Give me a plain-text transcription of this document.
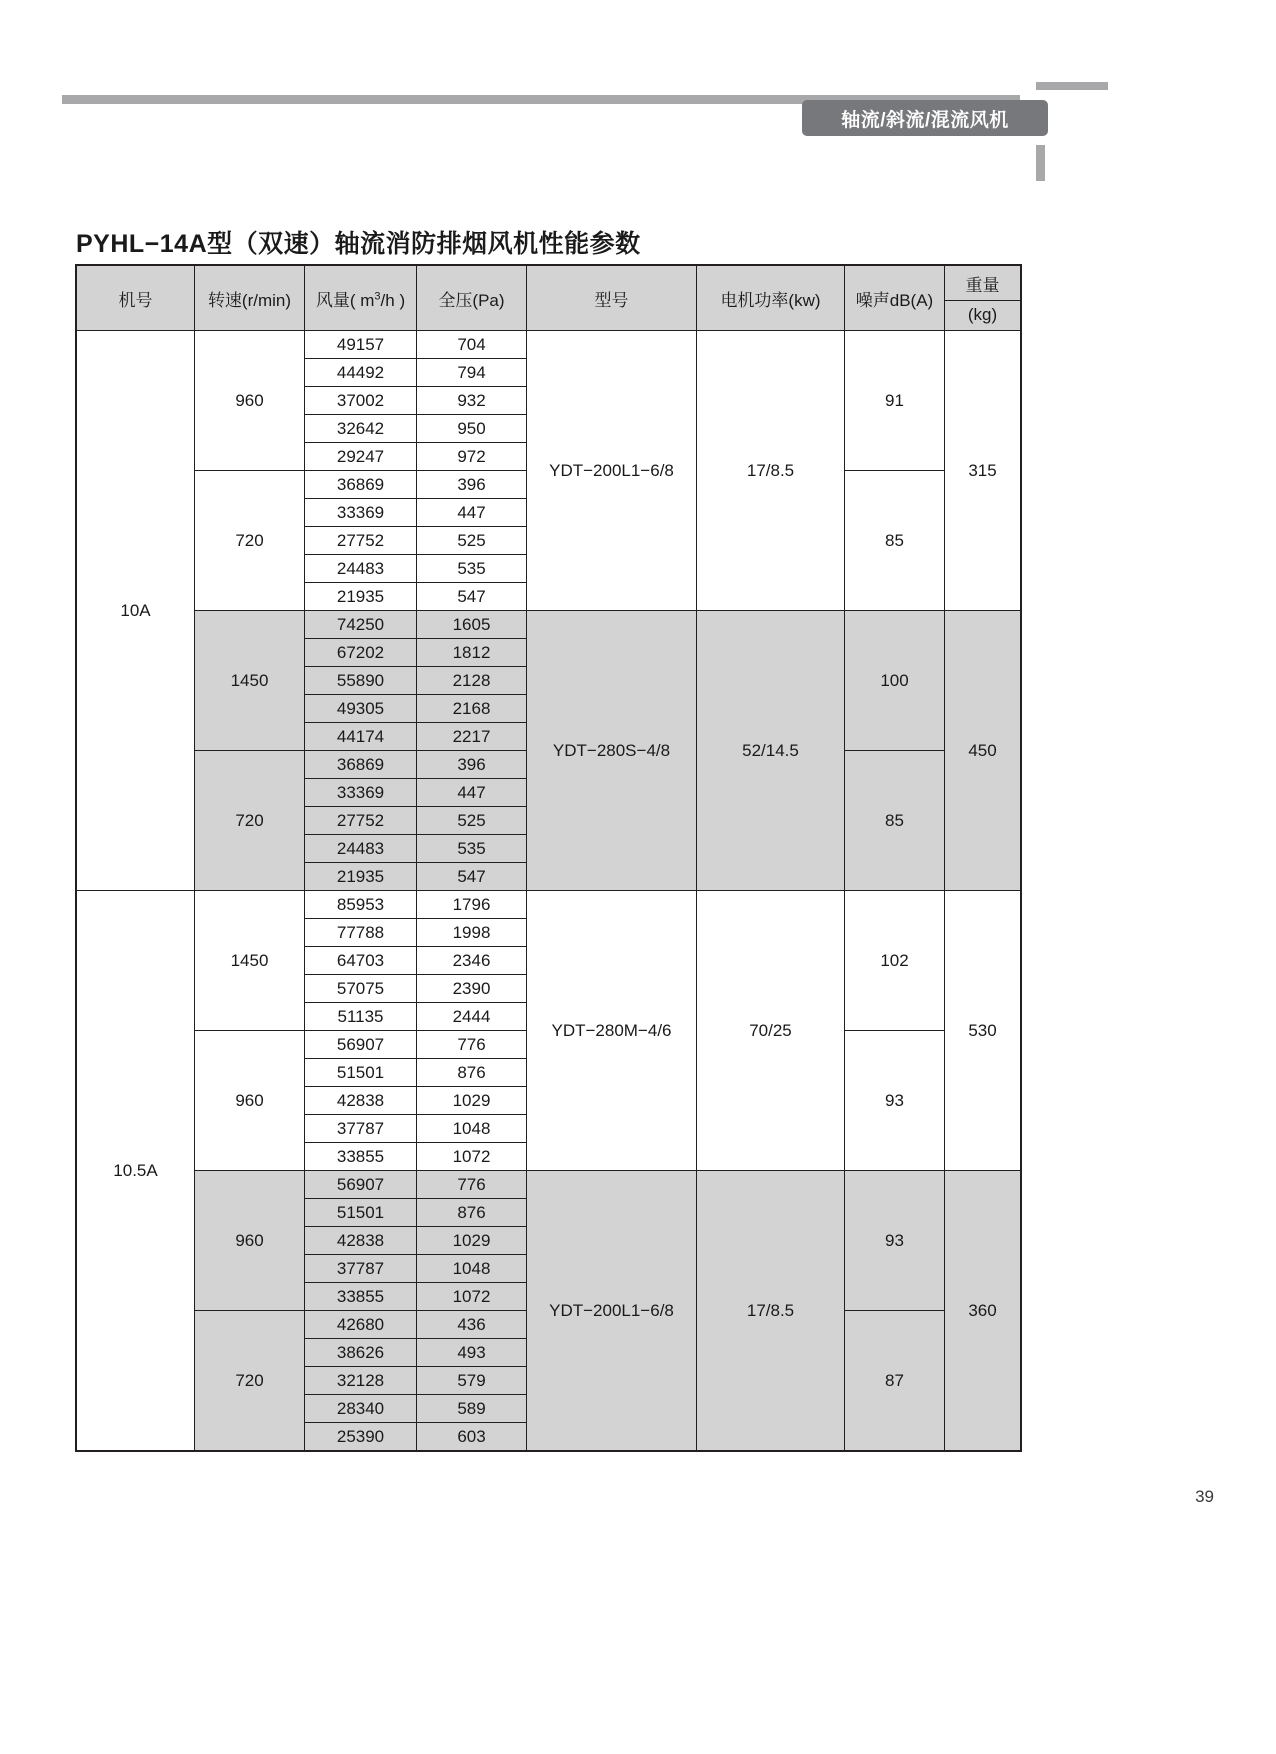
轴流/斜流/混流风机
PYHL−14A型（双速）轴流消防排烟风机性能参数
机号	转速(r/min)	风量( $m^3/h$ )	全压(Pa)	型号	电机功率(kw)	噪声dB(A)	重量
(kg)

10A	960	49157	704	YDT−200L1−6/8	17/8.5	91	315
		44492	794				
		37002	932				
		32642	950				
		29247	972				
	720	36869	396			85	
		33369	447				
		27752	525				
		24483	535				
		21935	547				
	1450	74250	1605	YDT−280S−4/8	52/14.5	100	450
		67202	1812				
		55890	2128				
		49305	2168				
		44174	2217				
	720	36869	396			85	
		33369	447				
		27752	525				
		24483	535				
		21935	547				
10.5A	1450	85953	1796	YDT−280M−4/6	70/25	102	530
		77788	1998				
		64703	2346				
		57075	2390				
		51135	2444				
	960	56907	776			93	
		51501	876				
		42838	1029				
		37787	1048				
		33855	1072				
	960	56907	776	YDT−200L1−6/8	17/8.5	93	360
		51501	876				
		42838	1029				
		37787	1048				
		33855	1072				
	720	42680	436			87	
		38626	493				
		32128	579				
		28340	589				
		25390	603				
39
